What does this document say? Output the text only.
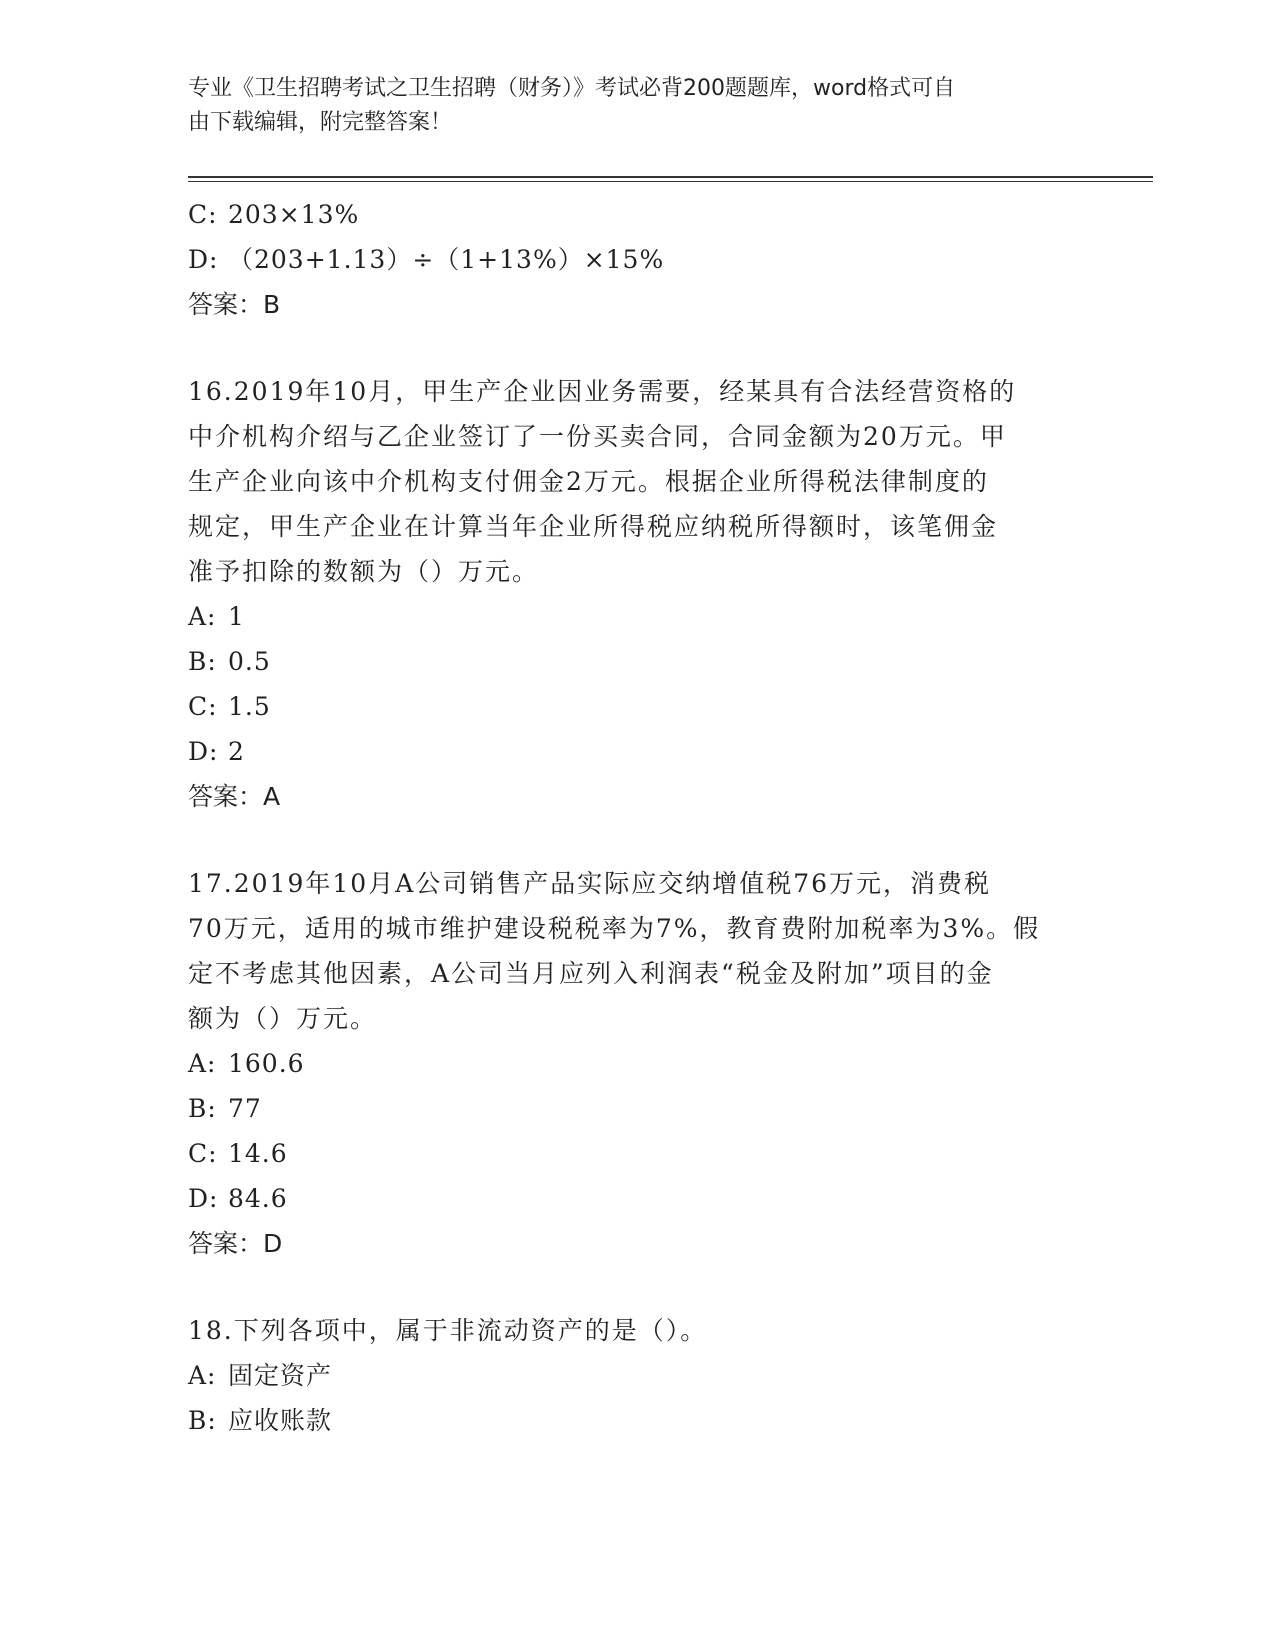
专业《卫生招聘考试之卫生招聘（财务）》考试必背200题题库，word格式可自
由下载编辑，附完整答案！
C: 203×13%
D: （203+1.13）÷（1+13%）×15%
答案：B
16.2019年10月，甲生产企业因业务需要，经某具有合法经营资格的
中介机构介绍与乙企业签订了一份买卖合同，合同金额为20万元。甲
生产企业向该中介机构支付佣金2万元。根据企业所得税法律制度的
规定，甲生产企业在计算当年企业所得税应纳税所得额时，该笔佣金
准予扣除的数额为（）万元。
A: 1
B: 0.5
C: 1.5
D: 2
答案：A
17.2019年10月A公司销售产品实际应交纳增值税76万元，消费税
70万元，适用的城市维护建设税税率为7%，教育费附加税率为3%。假
定不考虑其他因素，A公司当月应列入利润表“税金及附加”项目的金
额为（）万元。
A: 160.6
B: 77
C: 14.6
D: 84.6
答案：D
18.下列各项中，属于非流动资产的是（）。
A: 固定资产
B: 应收账款
